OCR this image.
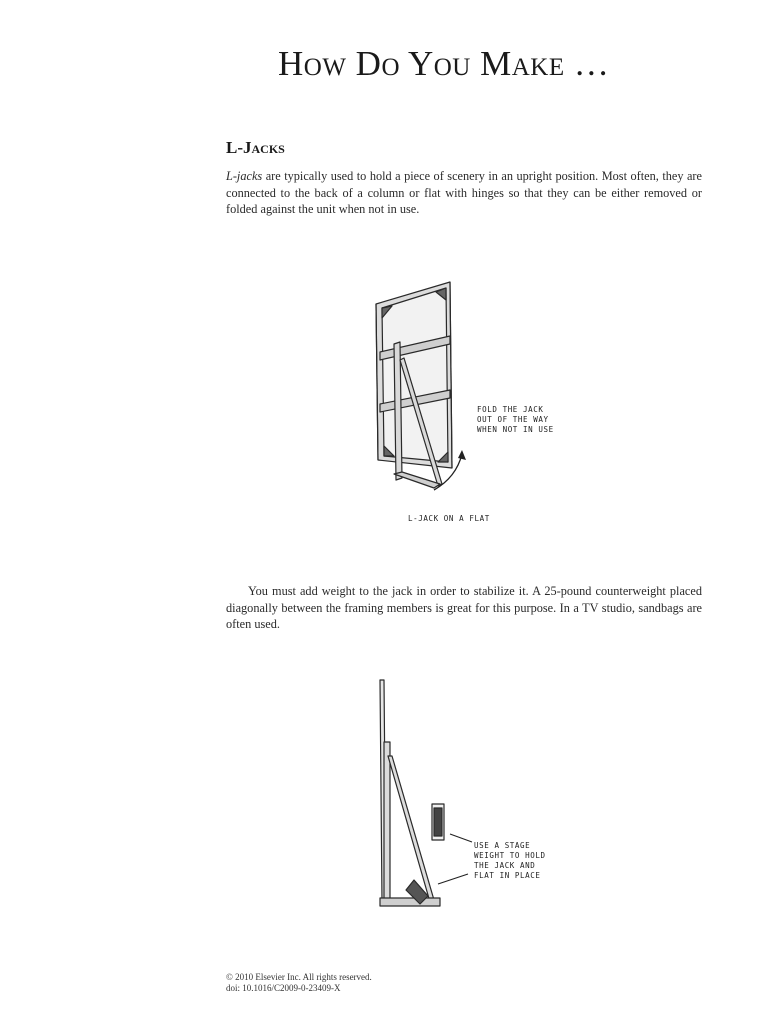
How Do You Make …
L-Jacks

L-jacks are typically used to hold a piece of scenery in an upright position. Most often, they are connected to the back of a column or flat with hinges so that they can be either removed or folded against the unit when not in use.

FOLD THE JACK
OUT OF THE WAY
WHEN NOT IN USE
L-JACK ON A FLAT

You must add weight to the jack in order to stabilize it. A 25-pound counterweight placed diagonally between the framing members is great for this purpose. In a TV studio, sandbags are often used.

USE A STAGE
WEIGHT TO HOLD
THE JACK AND
FLAT IN PLACE
© 2010 Elsevier Inc. All rights reserved.
doi: 10.1016/C2009-0-23409-X
